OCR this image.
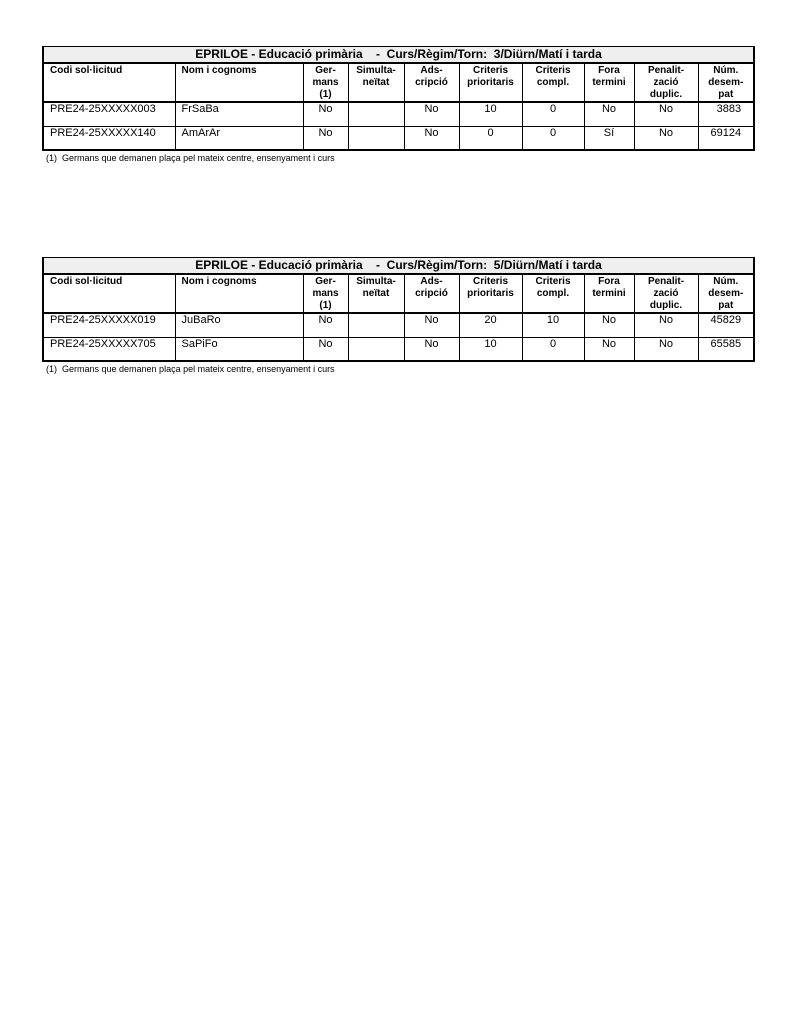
EPRILOE - Educació primària    -  Curs/Règim/Torn:  3/Diürn/Matí i tarda									
Codi sol·licitud	Nom i cognoms	Ger-
mans
(1)	Simulta-
neïtat	Ads-
cripció	Criteris
prioritaris	Criteris
compl.	Fora
termini	Penalit-
zació
duplic.	Núm.
desem-
pat
PRE24-25XXXXX003	FrSaBa	No		No	10	0	No	No	3883
PRE24-25XXXXX140	AmArAr	No		No	0	0	Sí	No	69124
(1)  Germans que demanen plaça pel mateix centre, ensenyament i curs
EPRILOE - Educació primària    -  Curs/Règim/Torn:  5/Diürn/Matí i tarda									
Codi sol·licitud	Nom i cognoms	Ger-
mans
(1)	Simulta-
neïtat	Ads-
cripció	Criteris
prioritaris	Criteris
compl.	Fora
termini	Penalit-
zació
duplic.	Núm.
desem-
pat
PRE24-25XXXXX019	JuBaRo	No		No	20	10	No	No	45829
PRE24-25XXXXX705	SaPiFo	No		No	10	0	No	No	65585
(1)  Germans que demanen plaça pel mateix centre, ensenyament i curs
